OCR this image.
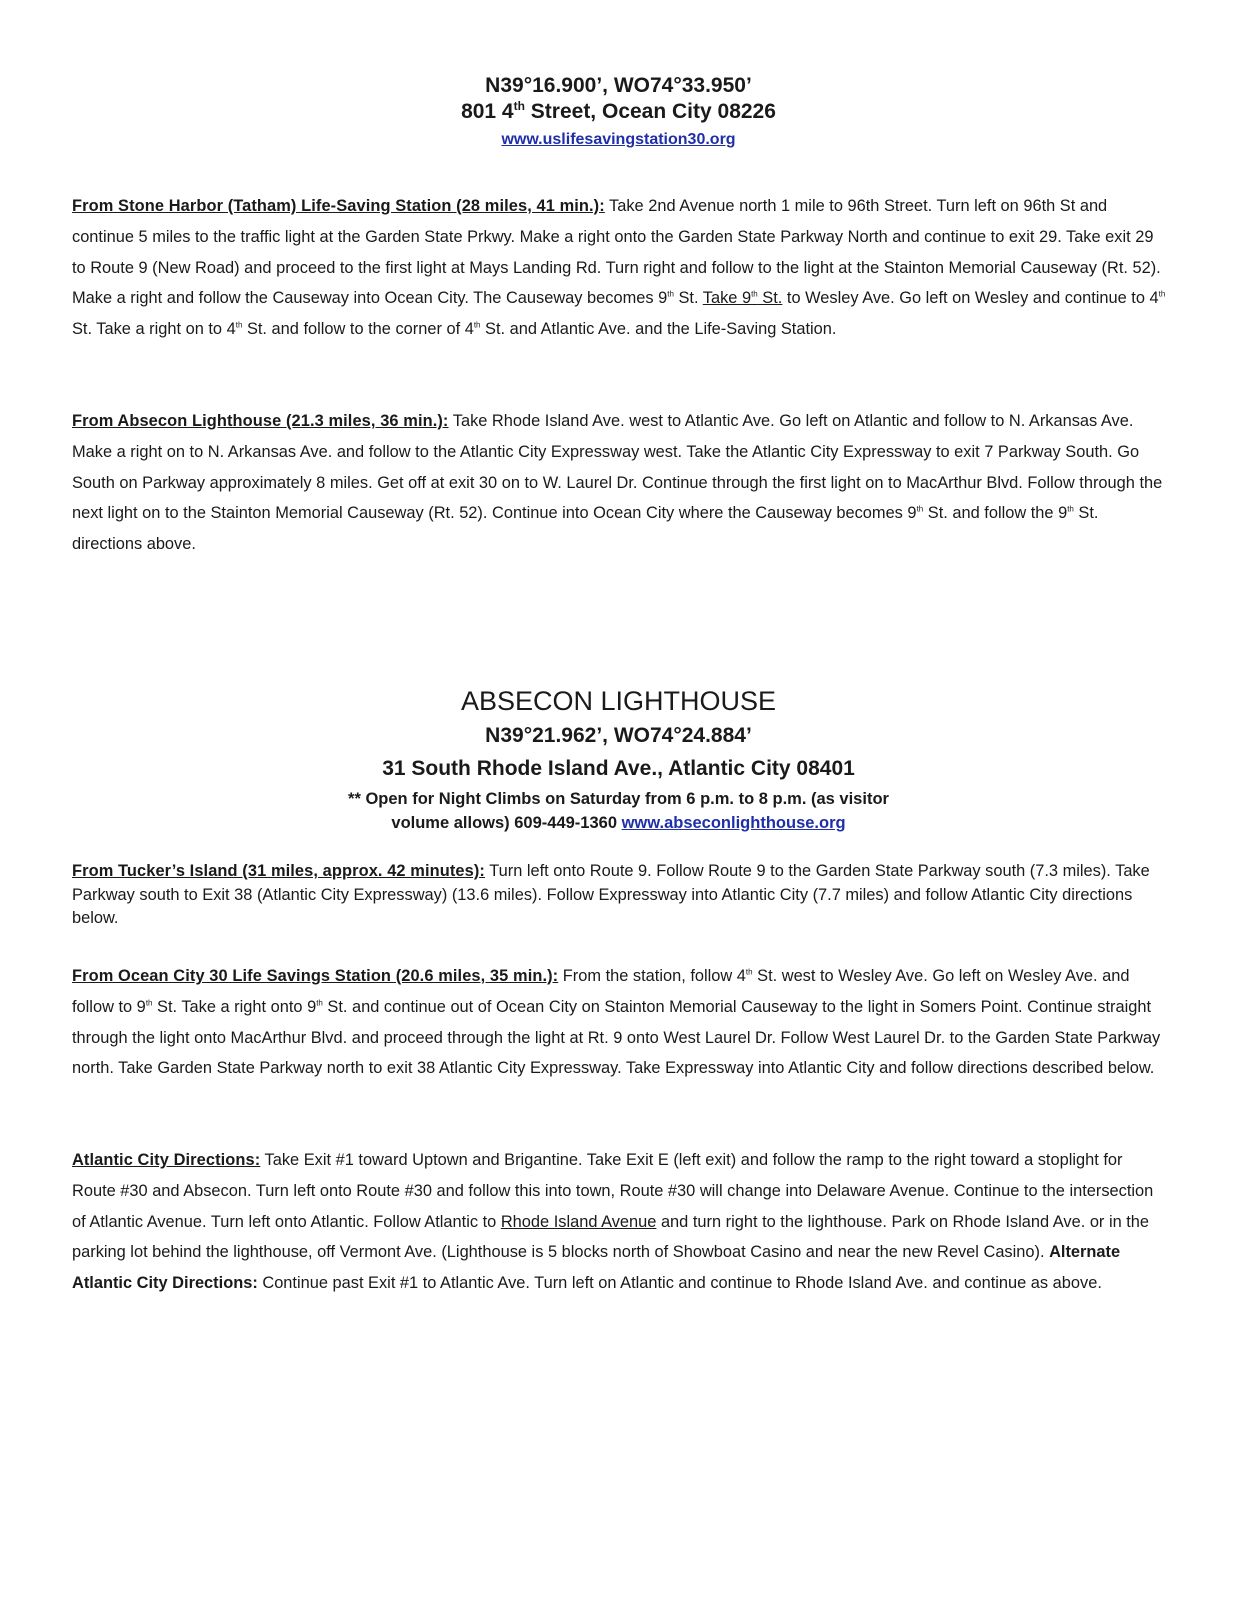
N39°16.900’, WO74°33.950’
801 4th Street, Ocean City 08226
www.uslifesavingstation30.org
From Stone Harbor (Tatham) Life-Saving Station (28 miles, 41 min.): Take 2nd Avenue north 1 mile to 96th Street. Turn left on 96th St and continue 5 miles to the traffic light at the Garden State Prkwy. Make a right onto the Garden State Parkway North and continue to exit 29. Take exit 29 to Route 9 (New Road) and proceed to the first light at Mays Landing Rd. Turn right and follow to the light at the Stainton Memorial Causeway (Rt. 52). Make a right and follow the Causeway into Ocean City. The Causeway becomes 9th St. Take 9th St. to Wesley Ave. Go left on Wesley and continue to 4th St. Take a right on to 4th St. and follow to the corner of 4th St. and Atlantic Ave. and the Life-Saving Station.
From Absecon Lighthouse (21.3 miles, 36 min.): Take Rhode Island Ave. west to Atlantic Ave. Go left on Atlantic and follow to N. Arkansas Ave. Make a right on to N. Arkansas Ave. and follow to the Atlantic City Expressway west. Take the Atlantic City Expressway to exit 7 Parkway South. Go South on Parkway approximately 8 miles. Get off at exit 30 on to W. Laurel Dr. Continue through the first light on to MacArthur Blvd. Follow through the next light on to the Stainton Memorial Causeway (Rt. 52). Continue into Ocean City where the Causeway becomes 9th St. and follow the 9th St. directions above.
ABSECON LIGHTHOUSE
N39°21.962’, WO74°24.884’
31 South Rhode Island Ave., Atlantic City 08401
** Open for Night Climbs on Saturday from 6 p.m. to 8 p.m. (as visitor
volume allows) 609-449-1360 www.abseconlighthouse.org
From Tucker’s Island (31 miles, approx. 42 minutes): Turn left onto Route 9. Follow Route 9 to the Garden State Parkway south (7.3 miles). Take Parkway south to Exit 38 (Atlantic City Expressway) (13.6 miles). Follow Expressway into Atlantic City (7.7 miles) and follow Atlantic City directions below.
From Ocean City 30 Life Savings Station (20.6 miles, 35 min.): From the station, follow 4th St. west to Wesley Ave. Go left on Wesley Ave. and follow to 9th St. Take a right onto 9th St. and continue out of Ocean City on Stainton Memorial Causeway to the light in Somers Point. Continue straight through the light onto MacArthur Blvd. and proceed through the light at Rt. 9 onto West Laurel Dr. Follow West Laurel Dr. to the Garden State Parkway north. Take Garden State Parkway north to exit 38 Atlantic City Expressway. Take Expressway into Atlantic City and follow directions described below.
Atlantic City Directions: Take Exit #1 toward Uptown and Brigantine. Take Exit E (left exit) and follow the ramp to the right toward a stoplight for Route #30 and Absecon. Turn left onto Route #30 and follow this into town, Route #30 will change into Delaware Avenue. Continue to the intersection of Atlantic Avenue. Turn left onto Atlantic. Follow Atlantic to Rhode Island Avenue and turn right to the lighthouse. Park on Rhode Island Ave. or in the parking lot behind the lighthouse, off Vermont Ave. (Lighthouse is 5 blocks north of Showboat Casino and near the new Revel Casino). Alternate Atlantic City Directions: Continue past Exit #1 to Atlantic Ave. Turn left on Atlantic and continue to Rhode Island Ave. and continue as above.
